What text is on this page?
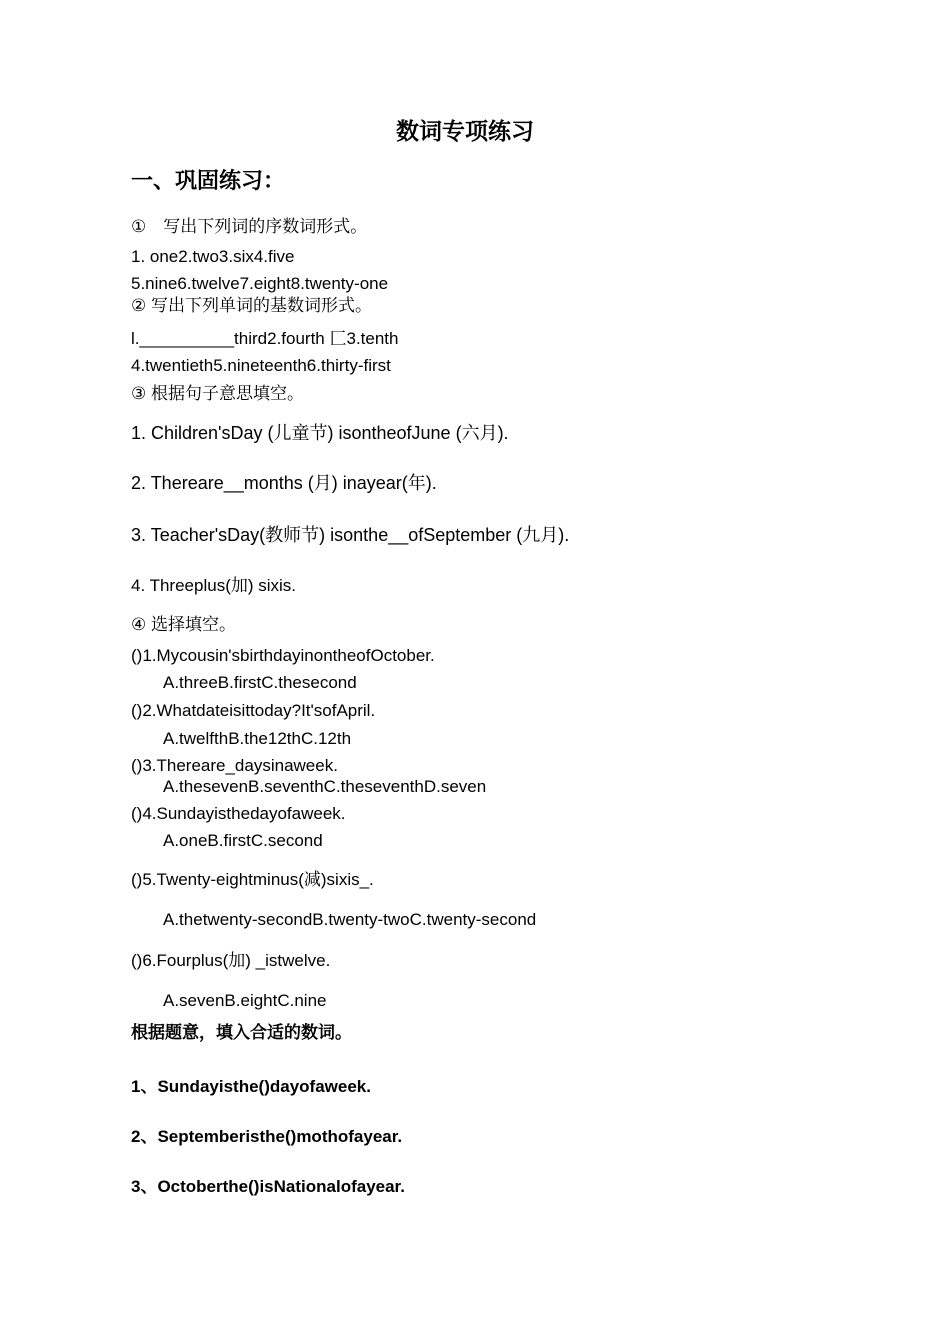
数词专项练习
一、巩固练习：
①　写出下列词的序数词形式。
1. one2.two3.six4.five
5.nine6.twelve7.eight8.twenty-one
② 写出下列单词的基数词形式。
l.__________third2.fourth 匚3.tenth
4.twentieth5.nineteenth6.thirty-first
③ 根据句子意思填空。
1. Children'sDay (儿童节) isontheofJune (六月).
2. Thereare__months (月) inayear(年).
3. Teacher'sDay(教师节) isonthe__ofSeptember (九月).
4. Threeplus(加) sixis.
④ 选择填空。
()1.Mycousin'sbirthdayinontheofOctober.
A.threeB.firstC.thesecond
()2.Whatdateisittoday?It'sofApril.
A.twelfthB.the12thC.12th
()3.Thereare_daysinaweek.
A.thesevenB.seventhC.theseventhD.seven
()4.Sundayisthedayofaweek.
A.oneB.firstC.second
()5.Twenty-eightminus(减)sixis_.
A.thetwenty-secondB.twenty-twoC.twenty-second
()6.Fourplus(加) _istwelve.
A.sevenB.eightC.nine
根据题意，填入合适的数词。
1、Sundayisthe()dayofaweek.
2、Septemberisthe()mothofayear.
3、Octoberthe()isNationalofayear.
